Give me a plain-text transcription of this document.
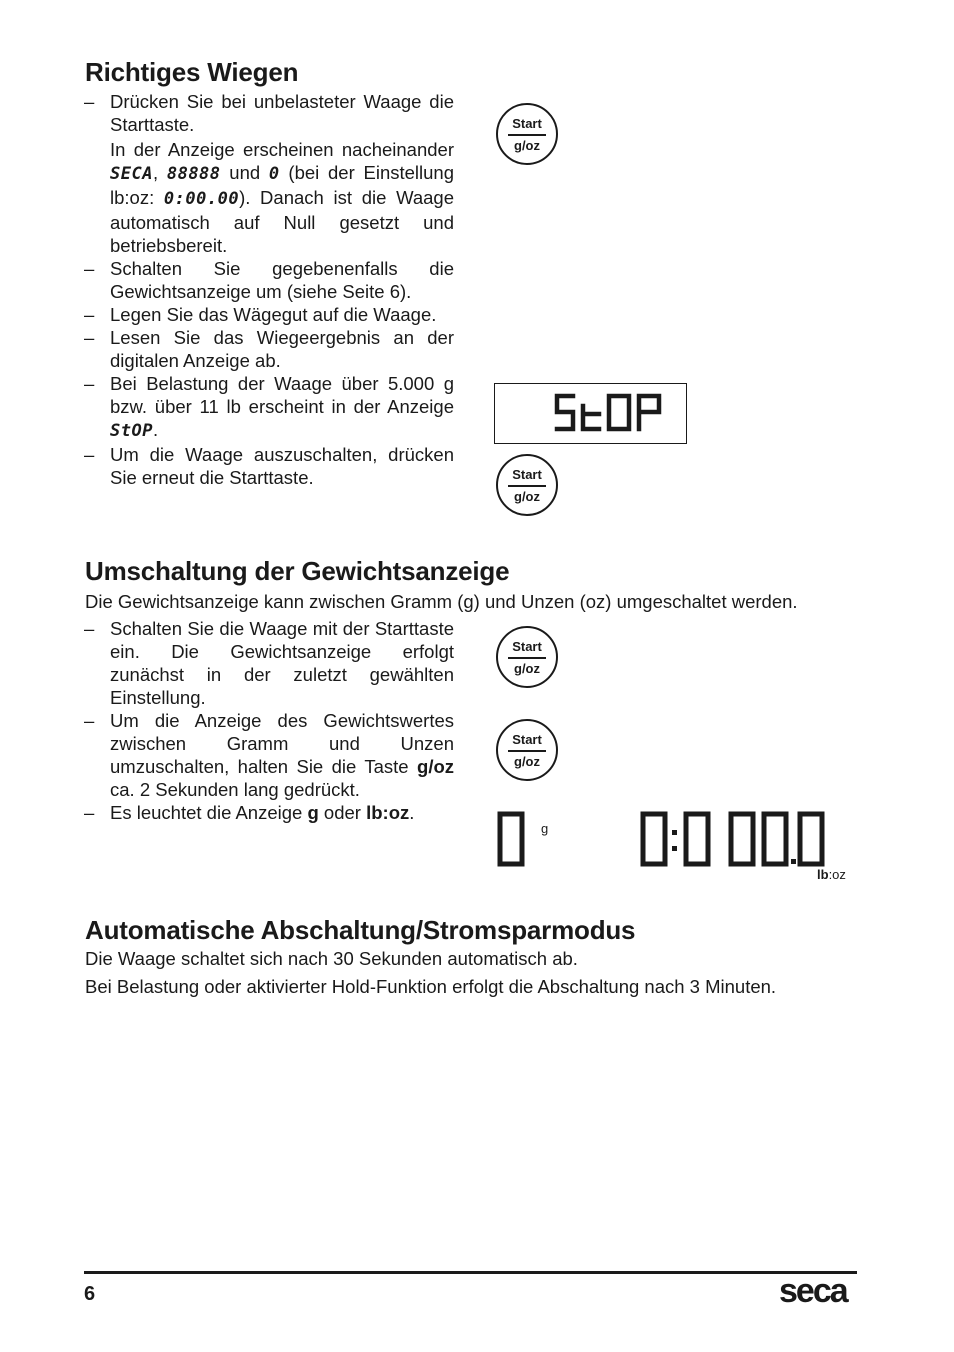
Richtiges Wiegen
– Drücken Sie bei unbelasteter Waage die Starttaste.
In der Anzeige erscheinen nacheinander SECA, 88888 und 0 (bei der Einstellung lb:oz: 0:00.00). Danach ist die Waage automatisch auf Null gesetzt und betriebsbereit.
– Schalten Sie gegebenenfalls die Gewichtsanzeige um (siehe Seite 6).
– Legen Sie das Wägegut auf die Waage.
– Lesen Sie das Wiegeergebnis an der digitalen Anzeige ab.
– Bei Belastung der Waage über 5.000 g bzw. über 11 lb erscheint in der Anzeige StOP.
– Um die Waage auszuschalten, drücken Sie erneut die Starttaste.
Start
g/oz
Start
g/oz
Umschaltung der Gewichtsanzeige
Die Gewichtsanzeige kann zwischen Gramm (g) und Unzen (oz) umgeschaltet werden.
– Schalten Sie die Waage mit der Starttaste ein. Die Gewichtsanzeige erfolgt zunächst in der zuletzt gewählten Einstellung.
– Um die Anzeige des Gewichtswertes zwischen Gramm und Unzen umzuschalten, halten Sie die Taste g/oz ca. 2 Sekunden lang gedrückt.
– Es leuchtet die Anzeige g oder lb:oz.
Start
g/oz
Start
g/oz
g
lb:oz
Automatische Abschaltung/Stromsparmodus
Die Waage schaltet sich nach 30 Sekunden automatisch ab.
Bei Belastung oder aktivierter Hold-Funktion erfolgt die Abschaltung nach 3 Minuten.
6	seca
